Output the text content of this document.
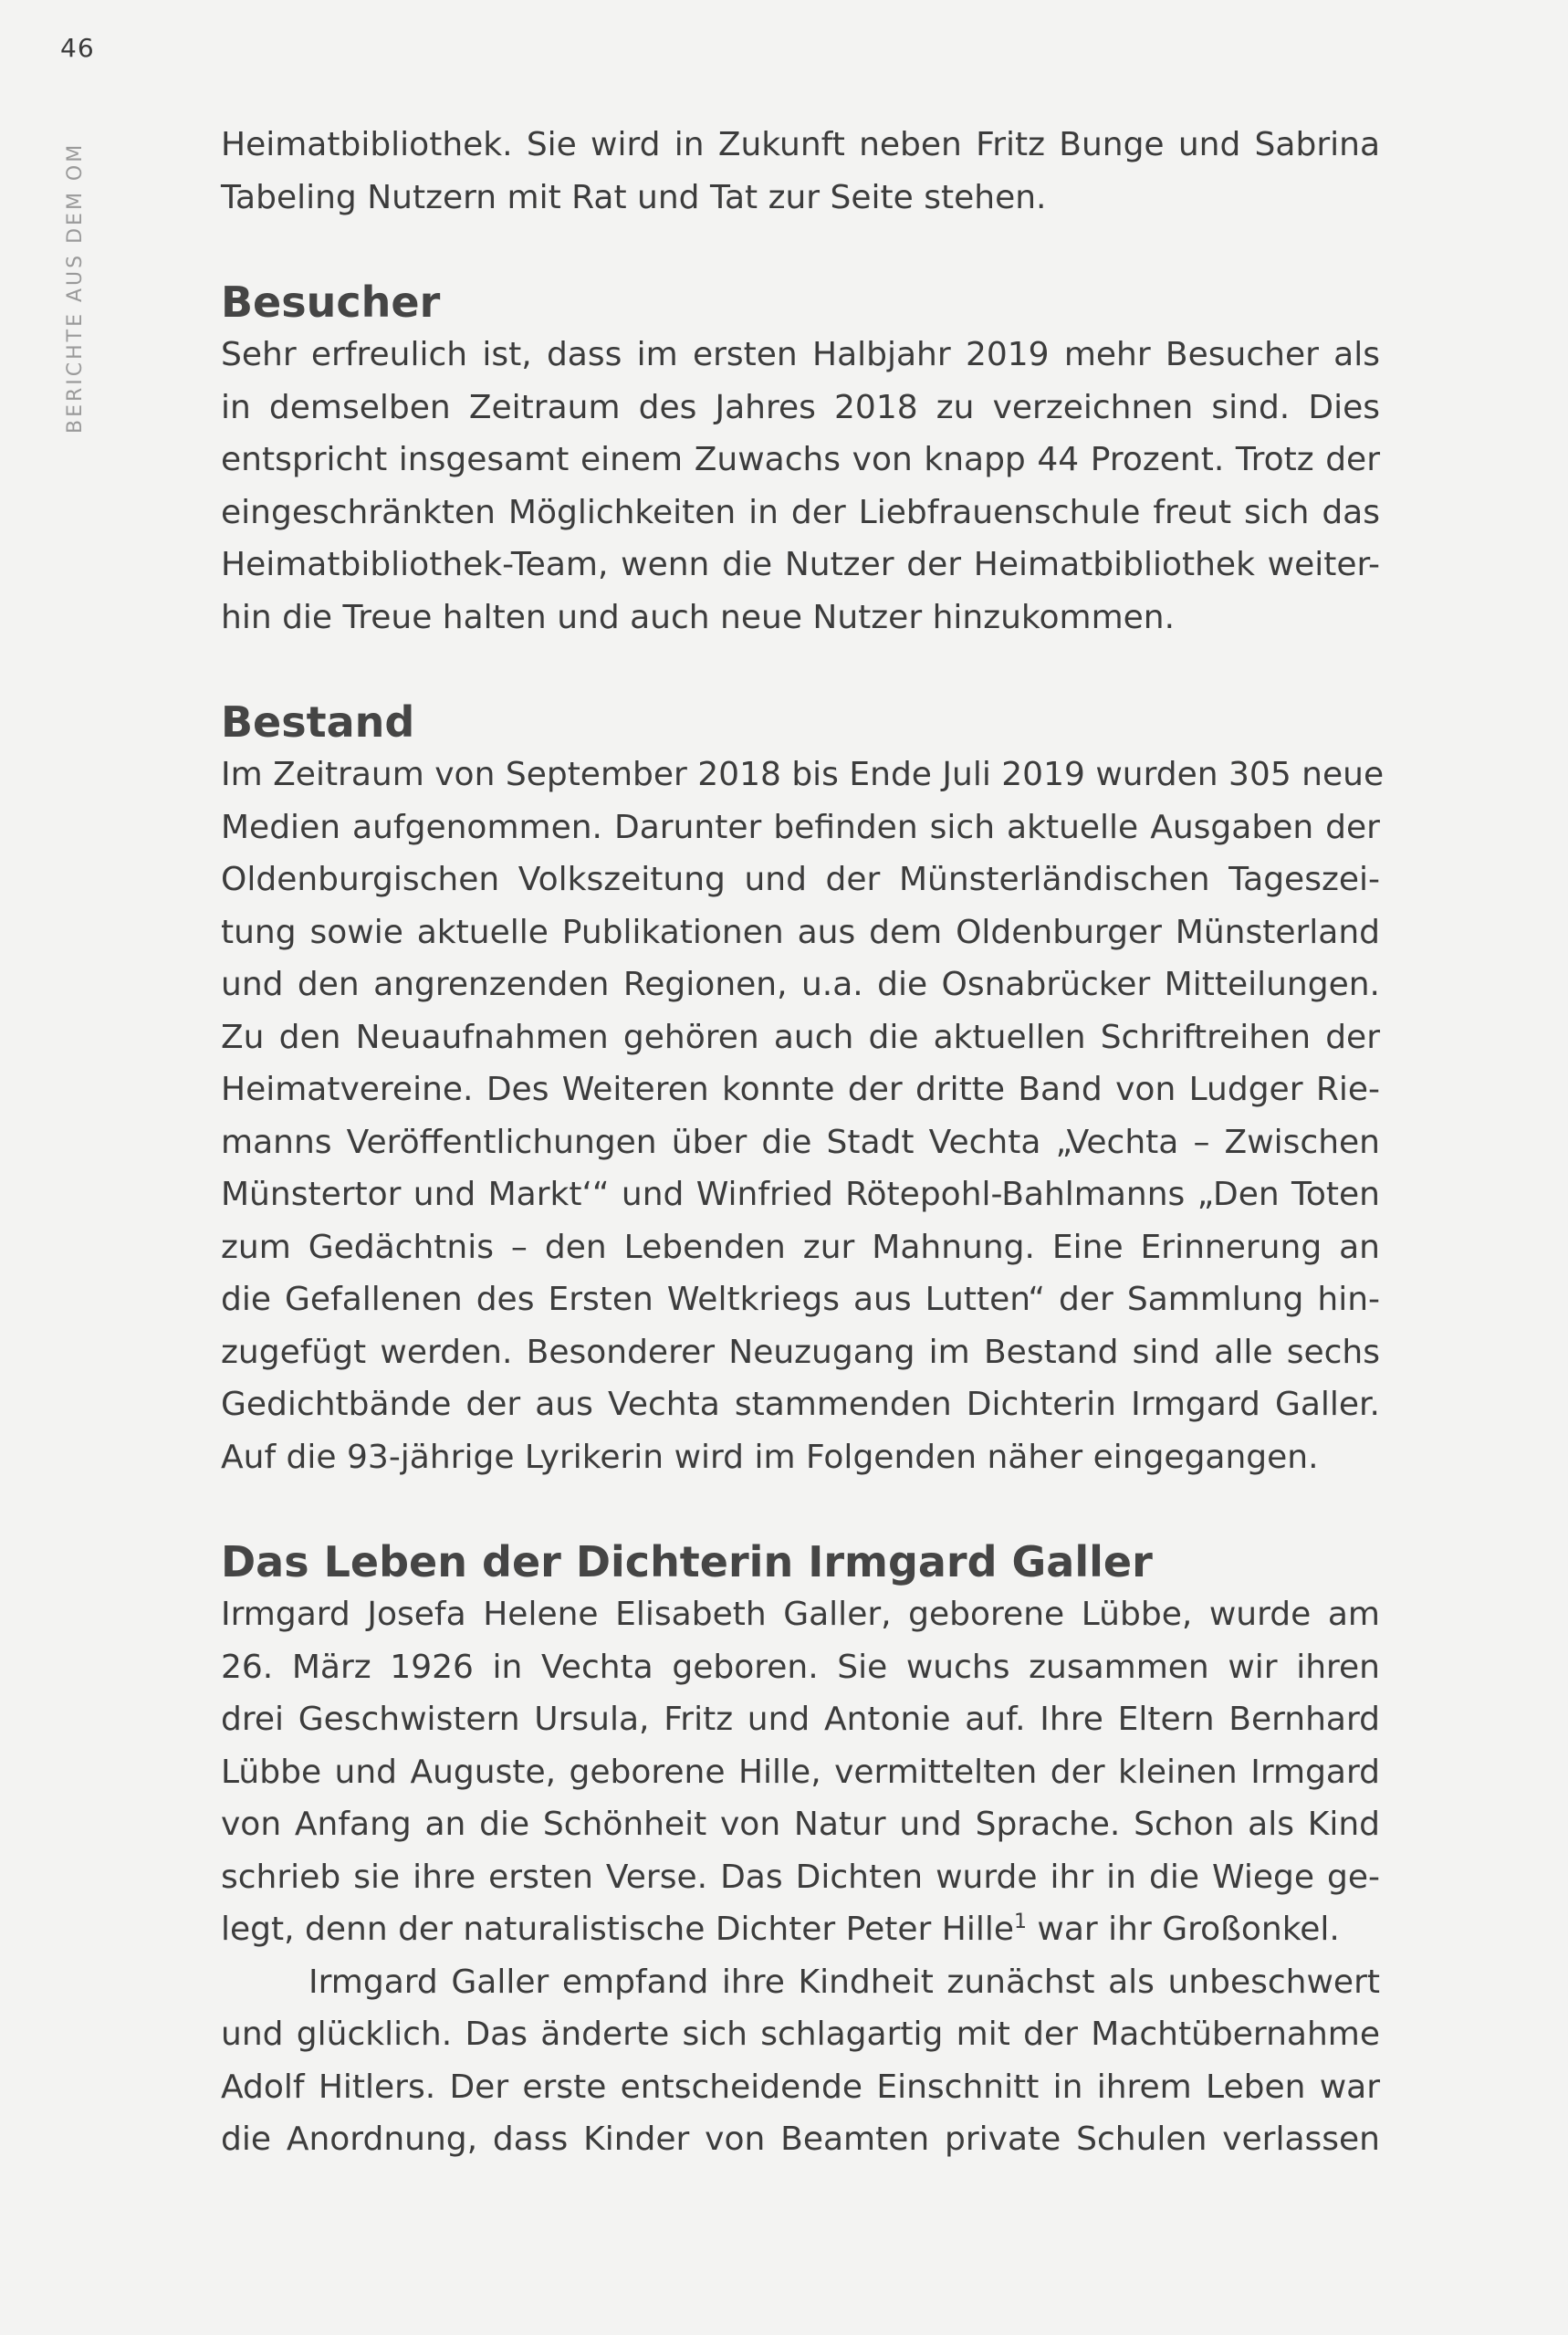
46
BERICHTE AUS DEM OM	Heimatbibliothek. Sie wird in Zukunft neben Fritz Bunge und Sabrina
Tabeling Nutzern mit Rat und Tat zur Seite stehen.
Besucher
Sehr erfreulich ist, dass im ersten Halbjahr 2019 mehr Besucher als
in demselben Zeitraum des Jahres 2018 zu verzeichnen sind. Dies
entspricht insgesamt einem Zuwachs von knapp 44 Prozent. Trotz der
eingeschränkten Möglichkeiten in der Liebfrauenschule freut sich das
Heimatbibliothek-Team, wenn die Nutzer der Heimatbibliothek weiter-
hin die Treue halten und auch neue Nutzer hinzukommen.
Bestand
Im Zeitraum von September 2018 bis Ende Juli 2019 wurden 305 neue
Medien aufgenommen. Darunter befinden sich aktuelle Ausgaben der
Oldenburgischen Volkszeitung und der Münsterländischen Tageszei-
tung sowie aktuelle Publikationen aus dem Oldenburger Münsterland
und den angrenzenden Regionen, u.a. die Osnabrücker Mitteilungen.
Zu den Neuaufnahmen gehören auch die aktuellen Schriftreihen der
Heimatvereine. Des Weiteren konnte der dritte Band von Ludger Rie-
manns Veröffentlichungen über die Stadt Vechta „Vechta – Zwischen
Münstertor und Markt‘“ und Winfried Rötepohl-Bahlmanns „Den Toten
zum Gedächtnis – den Lebenden zur Mahnung. Eine Erinnerung an
die Gefallenen des Ersten Weltkriegs aus Lutten“ der Sammlung hin-
zugefügt werden. Besonderer Neuzugang im Bestand sind alle sechs
Gedichtbände der aus Vechta stammenden Dichterin Irmgard Galler.
Auf die 93-jährige Lyrikerin wird im Folgenden näher eingegangen.
Das Leben der Dichterin Irmgard Galler
Irmgard Josefa Helene Elisabeth Galler, geborene Lübbe, wurde am
26. März 1926 in Vechta geboren. Sie wuchs zusammen wir ihren
drei Geschwistern Ursula, Fritz und Antonie auf. Ihre Eltern Bernhard
Lübbe und Auguste, geborene Hille, vermittelten der kleinen Irmgard
von Anfang an die Schönheit von Natur und Sprache. Schon als Kind
schrieb sie ihre ersten Verse. Das Dichten wurde ihr in die Wiege ge-
legt, denn der naturalistische Dichter Peter Hille$^1$ war ihr Großonkel.
Irmgard Galler empfand ihre Kindheit zunächst als unbeschwert
und glücklich. Das änderte sich schlagartig mit der Machtübernahme
Adolf Hitlers. Der erste entscheidende Einschnitt in ihrem Leben war
die Anordnung, dass Kinder von Beamten private Schulen verlassen
